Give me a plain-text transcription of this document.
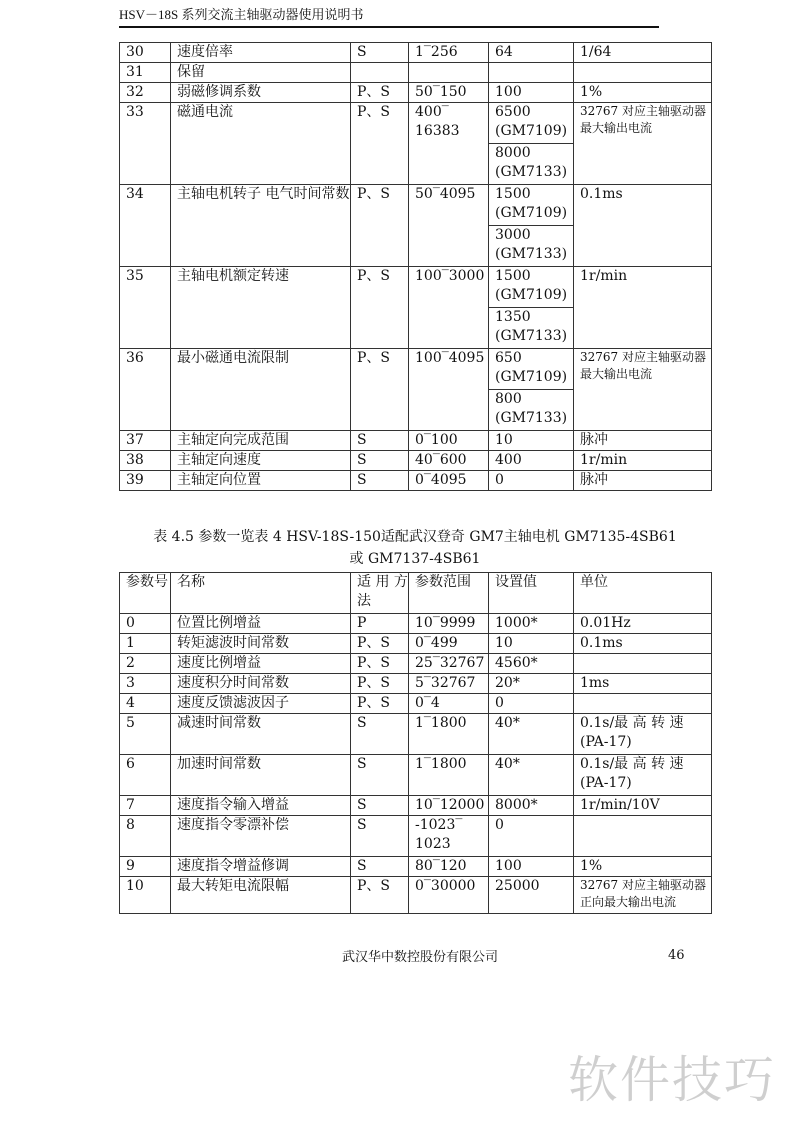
HSV－18S 系列交流主轴驱动器使用说明书
30	速度倍率	S	1‾256	64	1/64
31	保留				
32	弱磁修调系数	P、S	50‾150	100	1%
33	磁通电流	P、S	400‾ 16383	6500 (GM7109)	32767 对应主轴驱动器最大输出电流
				8000 (GM7133)	
34	主轴电机转子 电气时间常数	P、S	50‾4095	1500 (GM7109)	0.1ms
				3000 (GM7133)	
35	主轴电机额定转速	P、S	100‾3000	1500 (GM7109)	1r/min
				1350 (GM7133)	
36	最小磁通电流限制	P、S	100‾4095	650 (GM7109)	32767 对应主轴驱动器最大输出电流
				800 (GM7133)	
37	主轴定向完成范围	S	0‾100	10	脉冲
38	主轴定向速度	S	40‾600	400	1r/min
39	主轴定向位置	S	0‾4095	0	脉冲
表 4.5 参数一览表 4 HSV-18S-150适配武汉登奇 GM7主轴电机 GM7135-4SB61
或 GM7137-4SB61
参数号	名称	适 用 方法	参数范围	设置值	单位
0	位置比例增益	P	10‾9999	1000*	0.01Hz
1	转矩滤波时间常数	P、S	0‾499	10	0.1ms
2	速度比例增益	P、S	25‾32767	4560*	
3	速度积分时间常数	P、S	5‾32767	20*	1ms
4	速度反馈滤波因子	P、S	0‾4	0	
5	减速时间常数	S	1‾1800	40*	0.1s/最 高 转 速 (PA-17)
6	加速时间常数	S	1‾1800	40*	0.1s/最 高 转 速 (PA-17)
7	速度指令输入增益	S	10‾12000	8000*	1r/min/10V
8	速度指令零漂补偿	S	-1023‾ 1023	0	
9	速度指令增益修调	S	80‾120	100	1%
10	最大转矩电流限幅	P、S	0‾30000	25000	32767 对应主轴驱动器正向最大输出电流
武汉华中数控股份有限公司	46
软件技巧
